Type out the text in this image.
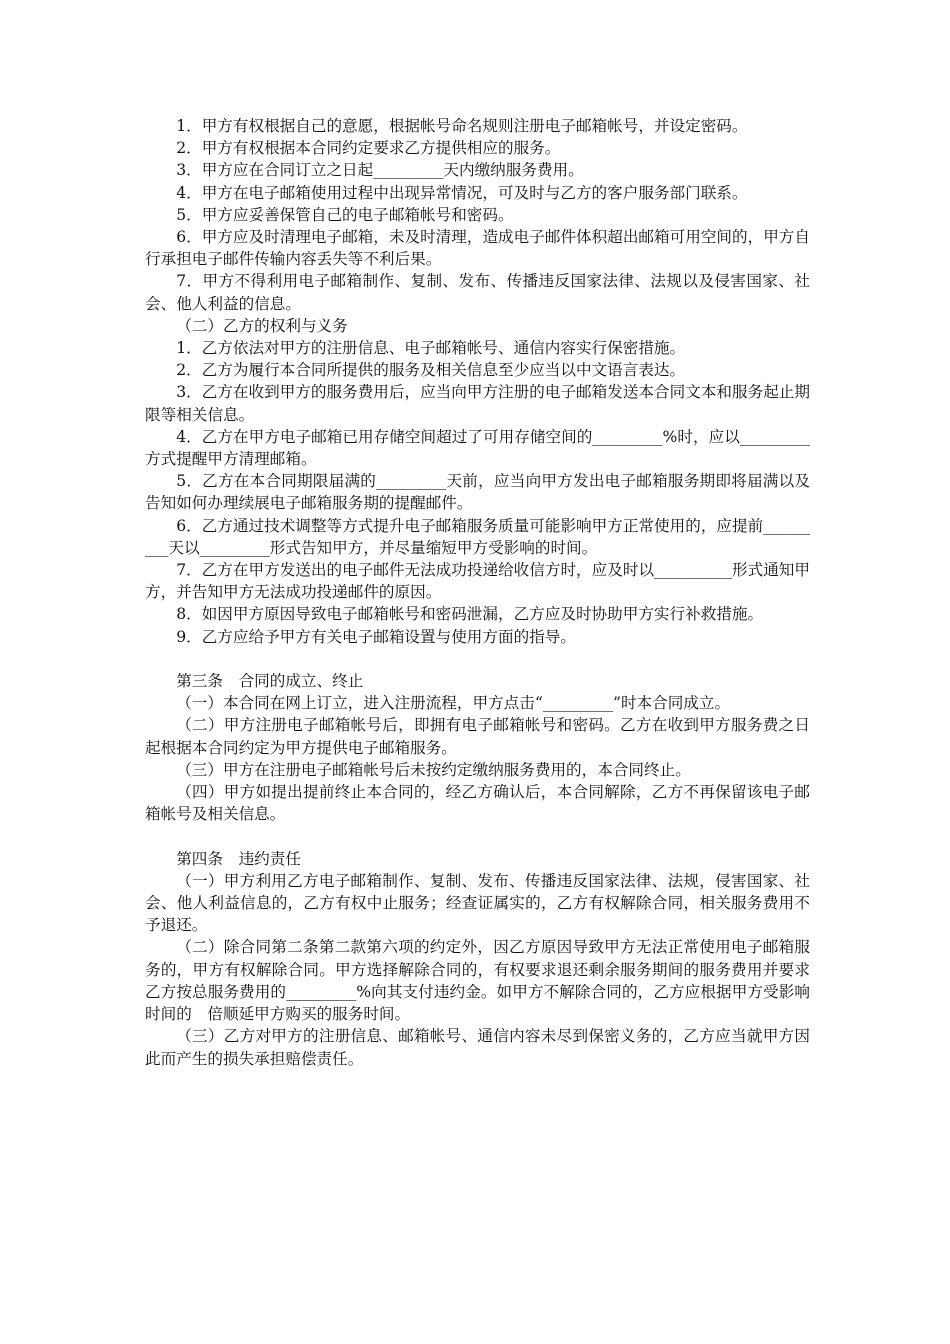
1．甲方有权根据自己的意愿，根据帐号命名规则注册电子邮箱帐号，并设定密码。

2．甲方有权根据本合同约定要求乙方提供相应的服务。

3．甲方应在合同订立之日起_________天内缴纳服务费用。

4．甲方在电子邮箱使用过程中出现异常情况，可及时与乙方的客户服务部门联系。

5．甲方应妥善保管自己的电子邮箱帐号和密码。

6．甲方应及时清理电子邮箱，未及时清理，造成电子邮件体积超出邮箱可用空间的，甲方自行承担电子邮件传输内容丢失等不利后果。

7．甲方不得利用电子邮箱制作、复制、发布、传播违反国家法律、法规以及侵害国家、社会、他人利益的信息。

（二）乙方的权利与义务

1．乙方依法对甲方的注册信息、电子邮箱帐号、通信内容实行保密措施。

2．乙方为履行本合同所提供的服务及相关信息至少应当以中文语言表达。

3．乙方在收到甲方的服务费用后，应当向甲方注册的电子邮箱发送本合同文本和服务起止期限等相关信息。

4．乙方在甲方电子邮箱已用存储空间超过了可用存储空间的_________%时，应以_________方式提醒甲方清理邮箱。

5．乙方在本合同期限届满的_________天前，应当向甲方发出电子邮箱服务期即将届满以及告知如何办理续展电子邮箱服务期的提醒邮件。

6．乙方通过技术调整等方式提升电子邮箱服务质量可能影响甲方正常使用的，应提前_________天以_________形式告知甲方，并尽量缩短甲方受影响的时间。

7．乙方在甲方发送出的电子邮件无法成功投递给收信方时，应及时以__________形式通知甲方，并告知甲方无法成功投递邮件的原因。

8．如因甲方原因导致电子邮箱帐号和密码泄漏，乙方应及时协助甲方实行补救措施。

9．乙方应给予甲方有关电子邮箱设置与使用方面的指导。

第三条　合同的成立、终止

（一）本合同在网上订立，进入注册流程，甲方点击“_________”时本合同成立。

（二）甲方注册电子邮箱帐号后，即拥有电子邮箱帐号和密码。乙方在收到甲方服务费之日起根据本合同约定为甲方提供电子邮箱服务。

（三）甲方在注册电子邮箱帐号后未按约定缴纳服务费用的，本合同终止。

（四）甲方如提出提前终止本合同的，经乙方确认后，本合同解除，乙方不再保留该电子邮箱帐号及相关信息。

第四条　违约责任

（一）甲方利用乙方电子邮箱制作、复制、发布、传播违反国家法律、法规，侵害国家、社会、他人利益信息的，乙方有权中止服务；经查证属实的，乙方有权解除合同，相关服务费用不予退还。

（二）除合同第二条第二款第六项的约定外，因乙方原因导致甲方无法正常使用电子邮箱服务的，甲方有权解除合同。甲方选择解除合同的，有权要求退还剩余服务期间的服务费用并要求乙方按总服务费用的_________%向其支付违约金。如甲方不解除合同的，乙方应根据甲方受影响时间的　倍顺延甲方购买的服务时间。

（三）乙方对甲方的注册信息、邮箱帐号、通信内容未尽到保密义务的，乙方应当就甲方因此而产生的损失承担赔偿责任。
